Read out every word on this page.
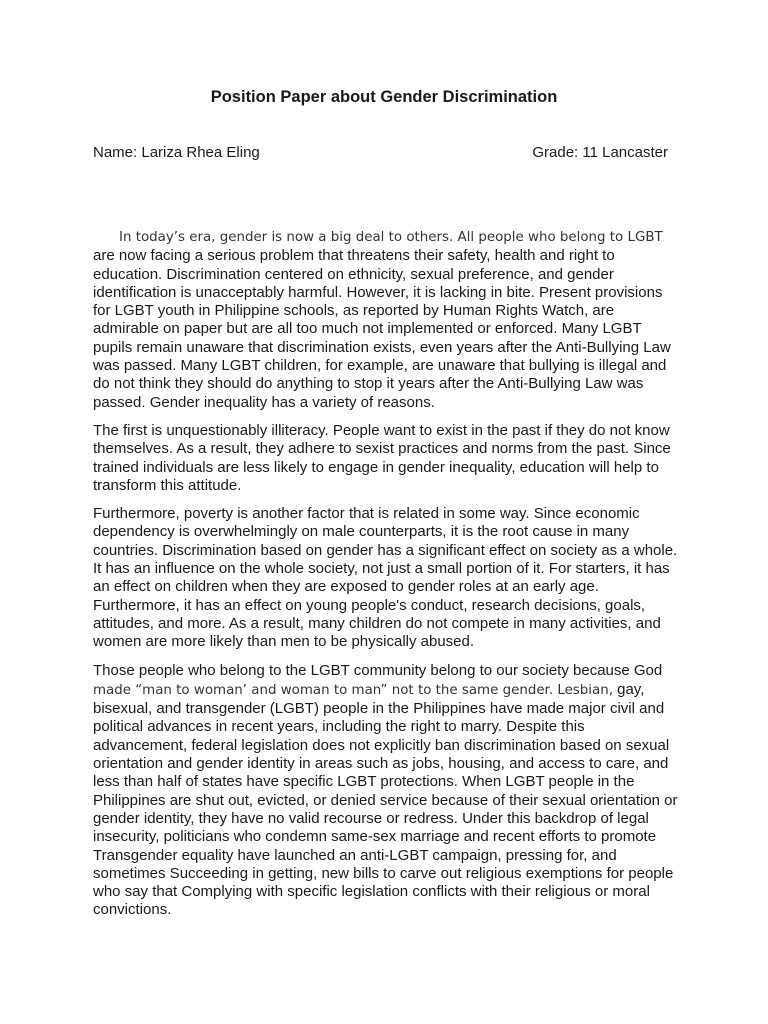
Position Paper about Gender Discrimination
Name: Lariza Rhea Eling	Grade: 11 Lancaster

In today’s era, gender is now a big deal to others. All people who belong to LGBT
are now facing a serious problem that threatens their safety, health and right to education. Discrimination centered on ethnicity, sexual preference, and gender identification is unacceptably harmful. However, it is lacking in bite. Present provisions for LGBT youth in Philippine schools, as reported by Human Rights Watch, are admirable on paper but are all too much not implemented or enforced. Many LGBT pupils remain unaware that discrimination exists, even years after the Anti-Bullying Law was passed. Many LGBT children, for example, are unaware that bullying is illegal and do not think they should do anything to stop it years after the Anti-Bullying Law was passed. Gender inequality has a variety of reasons.

The first is unquestionably illiteracy. People want to exist in the past if they do not know themselves. As a result, they adhere to sexist practices and norms from the past. Since trained individuals are less likely to engage in gender inequality, education will help to transform this attitude.

Furthermore, poverty is another factor that is related in some way. Since economic dependency is overwhelmingly on male counterparts, it is the root cause in many countries. Discrimination based on gender has a significant effect on society as a whole. It has an influence on the whole society, not just a small portion of it. For starters, it has an effect on children when they are exposed to gender roles at an early age. Furthermore, it has an effect on young people's conduct, research decisions, goals, attitudes, and more. As a result, many children do not compete in many activities, and women are more likely than men to be physically abused.

Those people who belong to the LGBT community belong to our society because God made “man to woman’ and woman to man” not to the same gender. Lesbian, gay, bisexual, and transgender (LGBT) people in the Philippines have made major civil and political advances in recent years, including the right to marry. Despite this advancement, federal legislation does not explicitly ban discrimination based on sexual orientation and gender identity in areas such as jobs, housing, and access to care, and less than half of states have specific LGBT protections. When LGBT people in the Philippines are shut out, evicted, or denied service because of their sexual orientation or gender identity, they have no valid recourse or redress. Under this backdrop of legal insecurity, politicians who condemn same-sex marriage and recent efforts to promote Transgender equality have launched an anti-LGBT campaign, pressing for, and sometimes Succeeding in getting, new bills to carve out religious exemptions for people who say that Complying with specific legislation conflicts with their religious or moral convictions.
